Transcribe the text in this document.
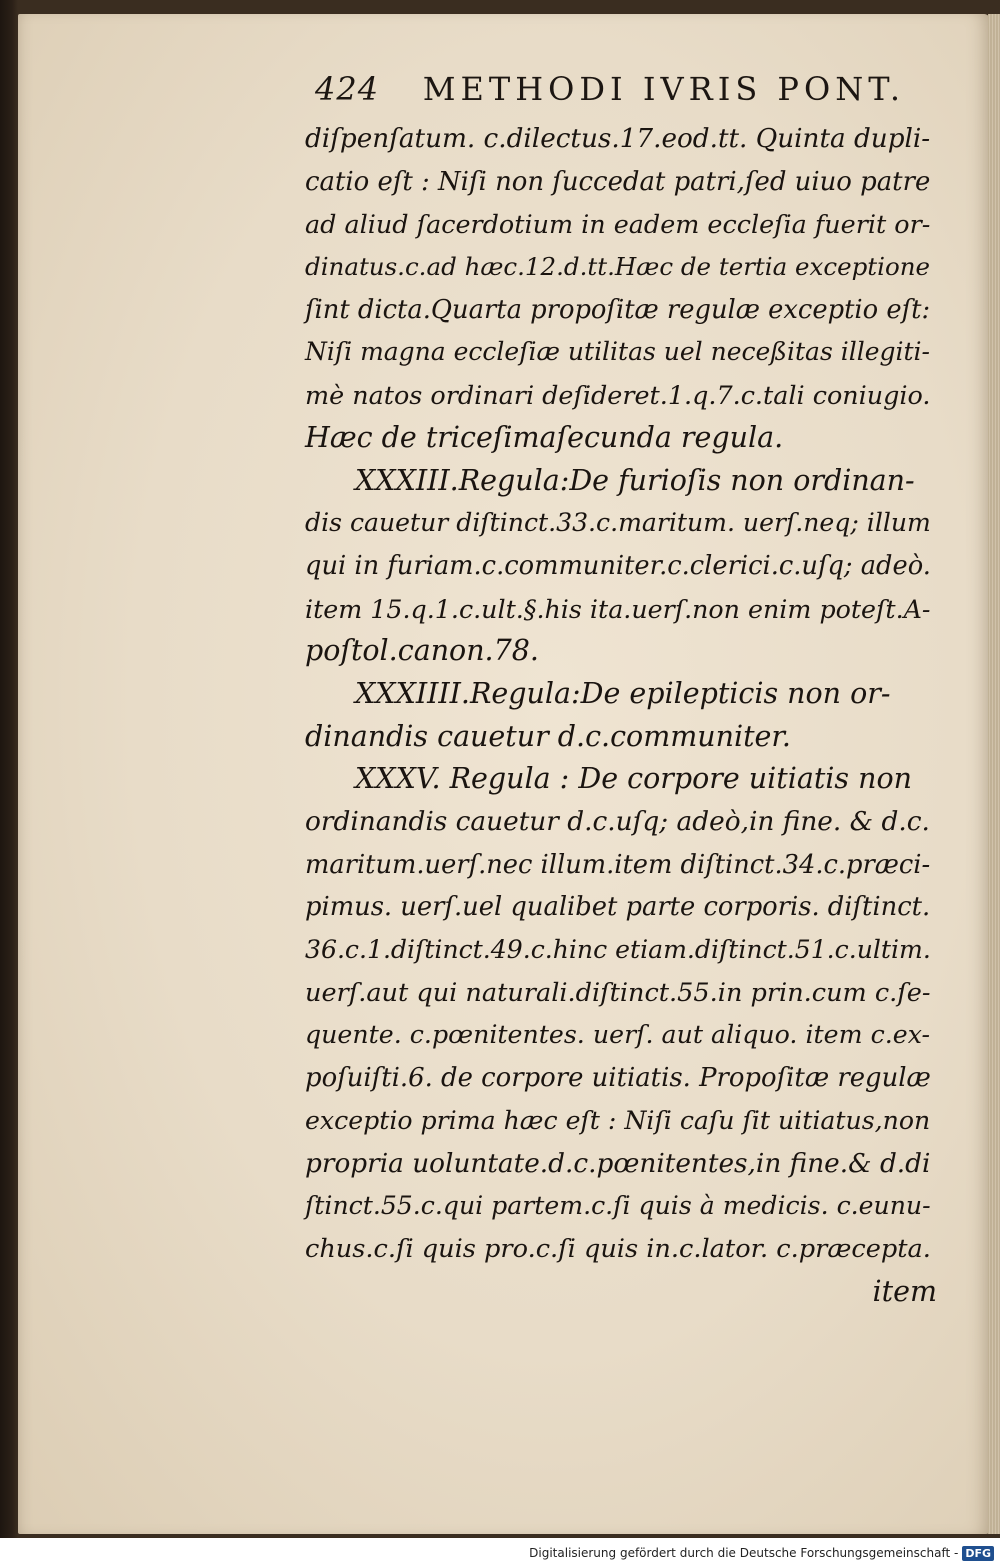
424 METHODI IVRIS PONT.
diſpenſatum. c.dilectus.17.eod.tt. Quinta dupli-
catio eſt : Niſi non ſuccedat patri,ſed uiuo patre
ad aliud ſacerdotium in eadem eccleſia fuerit or-
dinatus.c.ad hæc.12.d.tt.Hæc de tertia exceptione
ſint dicta.Quarta propoſitæ regulæ exceptio eſt:
Niſi magna eccleſiæ utilitas uel neceßitas illegiti-
mè natos ordinari deſideret.1.q.7.c.tali coniugio.
Hæc de triceſimaſecunda regula.
XXXIII.Regula:De furioſis non ordinan-
dis cauetur diſtinct.33.c.maritum. uerſ.neq; illum
qui in furiam.c.communiter.c.clerici.c.uſq; adeò.
item 15.q.1.c.ult.§.his ita.uerſ.non enim poteſt.A-
poſtol.canon.78.
XXXIIII.Regula:De epilepticis non or-
dinandis cauetur d.c.communiter.
XXXV. Regula : De corpore uitiatis non
ordinandis cauetur d.c.uſq; adeò,in fine. & d.c.
maritum.uerſ.nec illum.item diſtinct.34.c.præci-
pimus. uerſ.uel qualibet parte corporis. diſtinct.
36.c.1.diſtinct.49.c.hinc etiam.diſtinct.51.c.ultim.
uerſ.aut qui naturali.diſtinct.55.in prin.cum c.ſe-
quente. c.pœnitentes. uerſ. aut aliquo. item c.ex-
poſuiſti.6. de corpore uitiatis. Propoſitæ regulæ
exceptio prima hæc eſt : Niſi caſu ſit uitiatus,non
propria uoluntate.d.c.pœnitentes,in fine.& d.di
ſtinct.55.c.qui partem.c.ſi quis à medicis. c.eunu-
chus.c.ſi quis pro.c.ſi quis in.c.lator. c.præcepta.
item
Digitalisierung gefördert durch die Deutsche Forschungsgemeinschaft - DFG
